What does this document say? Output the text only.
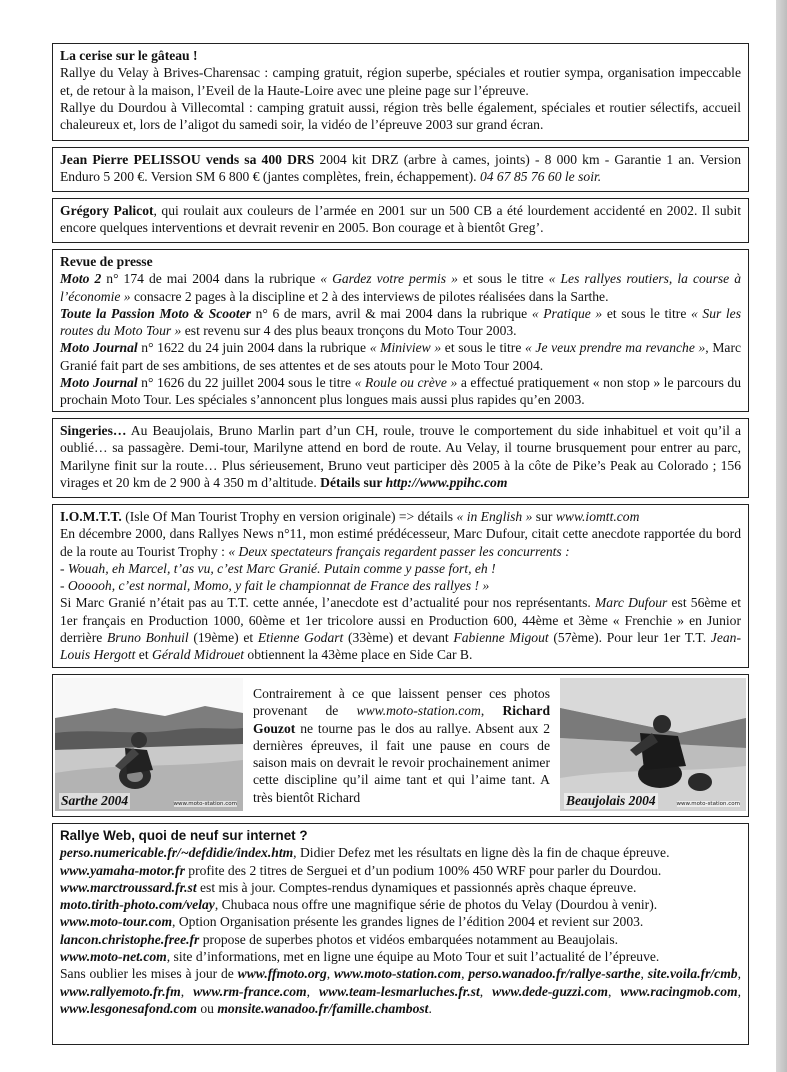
La cerise sur le gâteau !

Rallye du Velay à Brives-Charensac : camping gratuit, région superbe, spéciales et routier sympa, organisation impeccable et, de retour à la maison, l’Eveil de la Haute-Loire avec une pleine page sur l’épreuve.

Rallye du Dourdou à Villecomtal : camping gratuit aussi, région très belle également, spéciales et routier sélectifs, accueil chaleureux et, lors de l’aligot du samedi soir, la vidéo de l’épreuve 2003 sur grand écran.

Jean Pierre PELISSOU vends sa 400 DRS 2004 kit DRZ (arbre à cames, joints) - 8 000 km - Garantie 1 an. Version Enduro 5 200 €. Version SM 6 800 € (jantes complètes, frein, échappement). 04 67 85 76 60 le soir.

Grégory Palicot, qui roulait aux couleurs de l’armée en 2001 sur un 500 CB a été lourdement accidenté en 2002. Il subit encore quelques interventions et devrait revenir en 2005. Bon courage et à bientôt Greg’.

Revue de presse

Moto 2 n° 174 de mai 2004 dans la rubrique « Gardez votre permis » et sous le titre « Les rallyes routiers, la course à l’économie » consacre 2 pages à la discipline et 2 à des interviews de pilotes réalisées dans la Sarthe.

Toute la Passion Moto & Scooter n° 6 de mars, avril & mai 2004 dans la rubrique « Pratique » et sous le titre « Sur les routes du Moto Tour » est revenu sur 4 des plus beaux tronçons du Moto Tour 2003.

Moto Journal n° 1622 du 24 juin 2004 dans la rubrique « Miniview » et sous le titre « Je veux prendre ma revanche », Marc Granié fait part de ses ambitions, de ses attentes et de ses atouts pour le Moto Tour 2004.

Moto Journal n° 1626 du 22 juillet 2004 sous le titre « Roule ou crève » a effectué pratiquement « non stop » le parcours du prochain Moto Tour. Les spéciales s’annoncent plus longues mais aussi plus rapides qu’en 2003.

Singeries… Au Beaujolais, Bruno Marlin part d’un CH, roule, trouve le comportement du side inhabituel et voit qu’il a oublié… sa passagère. Demi-tour, Marilyne attend en bord de route. Au Velay, il tourne brusquement pour entrer au parc, Marilyne finit sur la route… Plus sérieusement, Bruno veut participer dès 2005 à la côte de Pike’s Peak au Colorado ; 156 virages et 20 km de 2 900 à 4 350 m d’altitude. Détails sur http://www.ppihc.com

I.O.M.T.T. (Isle Of Man Tourist Trophy en version originale) => détails « in English » sur www.iomtt.com

En décembre 2000, dans Rallyes News n°11, mon estimé prédécesseur, Marc Dufour, citait cette anecdote rapportée du bord de la route au Tourist Trophy : « Deux spectateurs français regardent passer les concurrents :

- Wouah, eh Marcel, t’as vu, c’est Marc Granié. Putain comme y passe fort, eh !

- Oooooh, c’est normal, Momo, y fait le championnat de France des rallyes ! »

Si Marc Granié n’était pas au T.T. cette année, l’anecdote est d’actualité pour nos représentants. Marc Dufour est 56ème et 1er français en Production 1000, 60ème et 1er tricolore aussi en Production 600, 44ème et 3ème « Frenchie » en Junior derrière Bruno Bonhuil (19ème) et Etienne Godart (33ème) et devant Fabienne Migout (57ème). Pour leur 1er T.T. Jean-Louis Hergott et Gérald Midrouet obtiennent la 43ème place en Side Car B.

Sarthe 2004	www.moto-station.com
Contrairement à ce que laissent penser ces photos provenant de www.moto-station.com, Richard Gouzot ne tourne pas le dos au rallye. Absent aux 2 dernières épreuves, il fait une pause en cours de saison mais on devrait le revoir prochainement animer cette discipline qu’il aime tant et qui l’aime tant. A très bientôt Richard	Beaujolais 2004	www.moto-station.com

Rallye Web, quoi de neuf sur internet ?

perso.numericable.fr/~defdidie/index.htm, Didier Defez met les résultats en ligne dès la fin de chaque épreuve.

www.yamaha-motor.fr profite des 2 titres de Serguei et d’un podium 100% 450 WRF pour parler du Dourdou.

www.marctroussard.fr.st est mis à jour. Comptes-rendus dynamiques et passionnés après chaque épreuve.

moto.tirith-photo.com/velay, Chubaca nous offre une magnifique série de photos du Velay (Dourdou à venir).

www.moto-tour.com, Option Organisation présente les grandes lignes de l’édition 2004 et revient sur 2003.

lancon.christophe.free.fr propose de superbes photos et vidéos embarquées notamment au Beaujolais.

www.moto-net.com, site d’informations, met en ligne une équipe au Moto Tour et suit l’actualité de l’épreuve.

Sans oublier les mises à jour de www.ffmoto.org, www.moto-station.com, perso.wanadoo.fr/rallye-sarthe, site.voila.fr/cmb, www.rallyemoto.fr.fm, www.rm-france.com, www.team-lesmarluches.fr.st, www.dede-guzzi.com, www.racingmob.com, www.lesgonesafond.com ou monsite.wanadoo.fr/famille.chambost.
